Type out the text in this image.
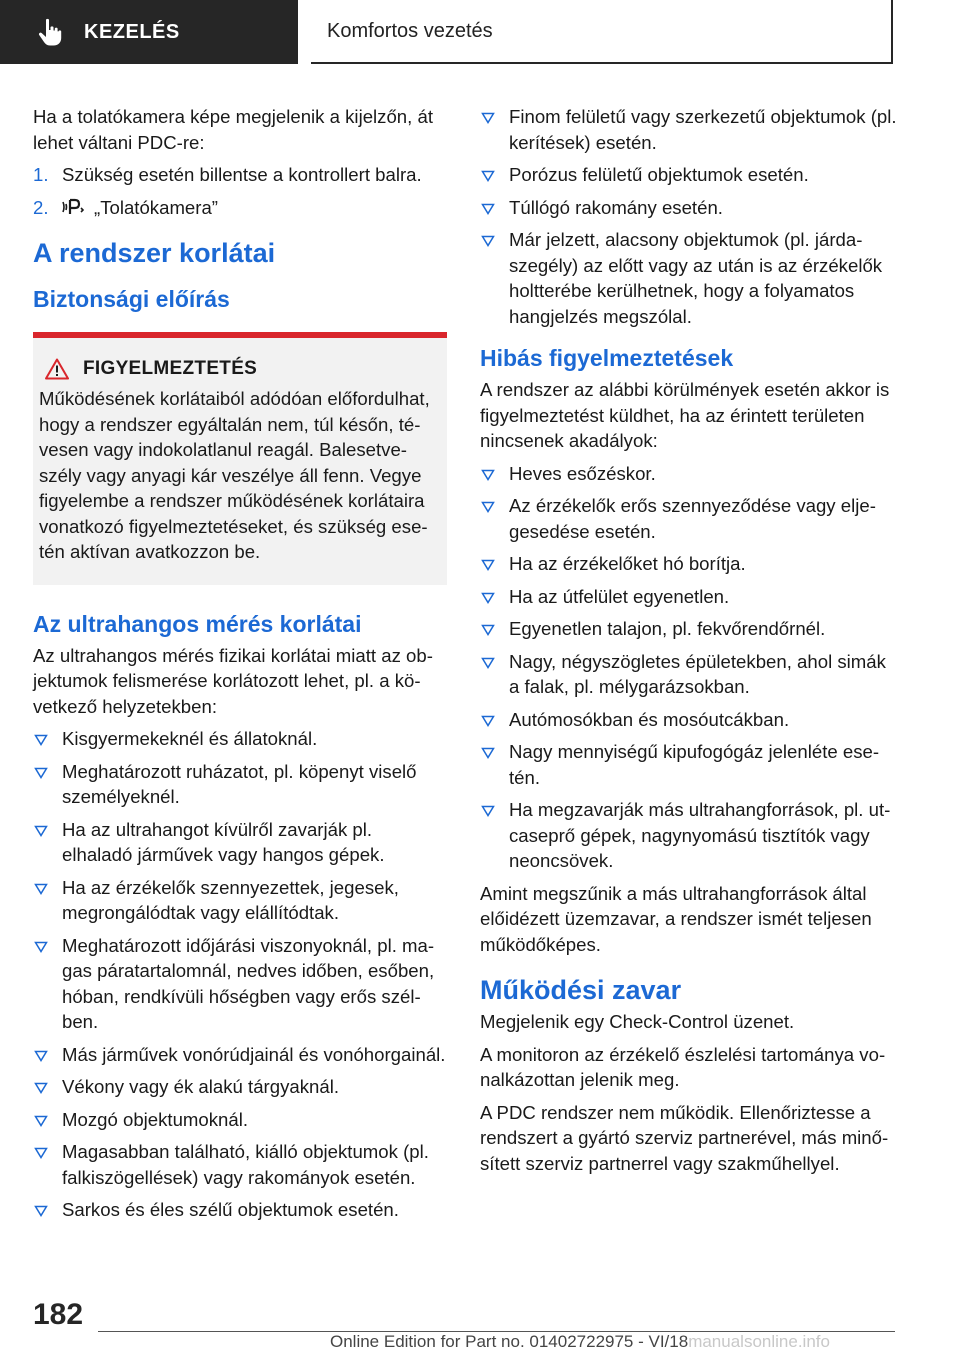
KEZELÉS	Komfortos vezetés

Ha a tolatókamera képe megjelenik a kijelzőn, át lehet váltani PDC-re:

1. Szükség esetén billentse a kontrollert balra.
2. „Tolatókamera”
A rendszer korlátai
Biztonsági előírás
FIGYELMEZTETÉS

Működésének korlátaiból adódóan előfordulhat, hogy a rendszer egyáltalán nem, túl későn, tévesen vagy indokolatlanul reagál. Balesetveszély vagy anyagi kár veszélye áll fenn. Vegye figyelembe a rendszer működésének korlátaira vonatkozó figyelmeztetéseket, és szükség esetén aktívan avatkozzon be.

Az ultrahangos mérés korlátai

Az ultrahangos mérés fizikai korlátai miatt az objektumok felismerése korlátozott lehet, pl. a következő helyzetekben:

Kisgyermekeknél és állatoknál.
Meghatározott ruházatot, pl. köpenyt viselő személyeknél.
Ha az ultrahangot kívülről zavarják pl. elhaladó járművek vagy hangos gépek.
Ha az érzékelők szennyezettek, jegesek, megrongálódtak vagy elállítódtak.
Meghatározott időjárási viszonyoknál, pl. magas páratartalomnál, nedves időben, esőben, hóban, rendkívüli hőségben vagy erős szélben.
Más járművek vonórúdjainál és vonóhorgainál.
Vékony vagy ék alakú tárgyaknál.
Mozgó objektumoknál.
Magasabban található, kiálló objektumok (pl. falkiszögellések) vagy rakományok esetén.
Sarkos és éles szélű objektumok esetén.
Finom felületű vagy szerkezetű objektumok (pl. kerítések) esetén.
Porózus felületű objektumok esetén.
Túllógó rakomány esetén.
Már jelzett, alacsony objektumok (pl. járdaszegély) az előtt vagy az után is az érzékelők holtterébe kerülhetnek, hogy a folyamatos hangjelzés megszólal.
Hibás figyelmeztetések

A rendszer az alábbi körülmények esetén akkor is figyelmeztetést küldhet, ha az érintett területen nincsenek akadályok:

Heves esőzéskor.
Az érzékelők erős szennyeződése vagy eljegesedése esetén.
Ha az érzékelőket hó borítja.
Ha az útfelület egyenetlen.
Egyenetlen talajon, pl. fekvőrendőrnél.
Nagy, négyszögletes épületekben, ahol simák a falak, pl. mélygarázsokban.
Autómosókban és mosóutcákban.
Nagy mennyiségű kipufogógáz jelenléte esetén.
Ha megzavarják más ultrahangforrások, pl. utcaseprő gépek, nagynyomású tisztítók vagy neoncsövek.

Amint megszűnik a más ultrahangforrások által előidézett üzemzavar, a rendszer ismét teljesen működőképes.

Működési zavar

Megjelenik egy Check-Control üzenet.

A monitoron az érzékelő észlelési tartománya vonalkázottan jelenik meg.

A PDC rendszer nem működik. Ellenőriztesse a rendszert a gyártó szerviz partnerével, más minősített szerviz partnerrel vagy szakműhellyel.

182
Online Edition for Part no. 01402722975 - VI/18manualsonline.info
